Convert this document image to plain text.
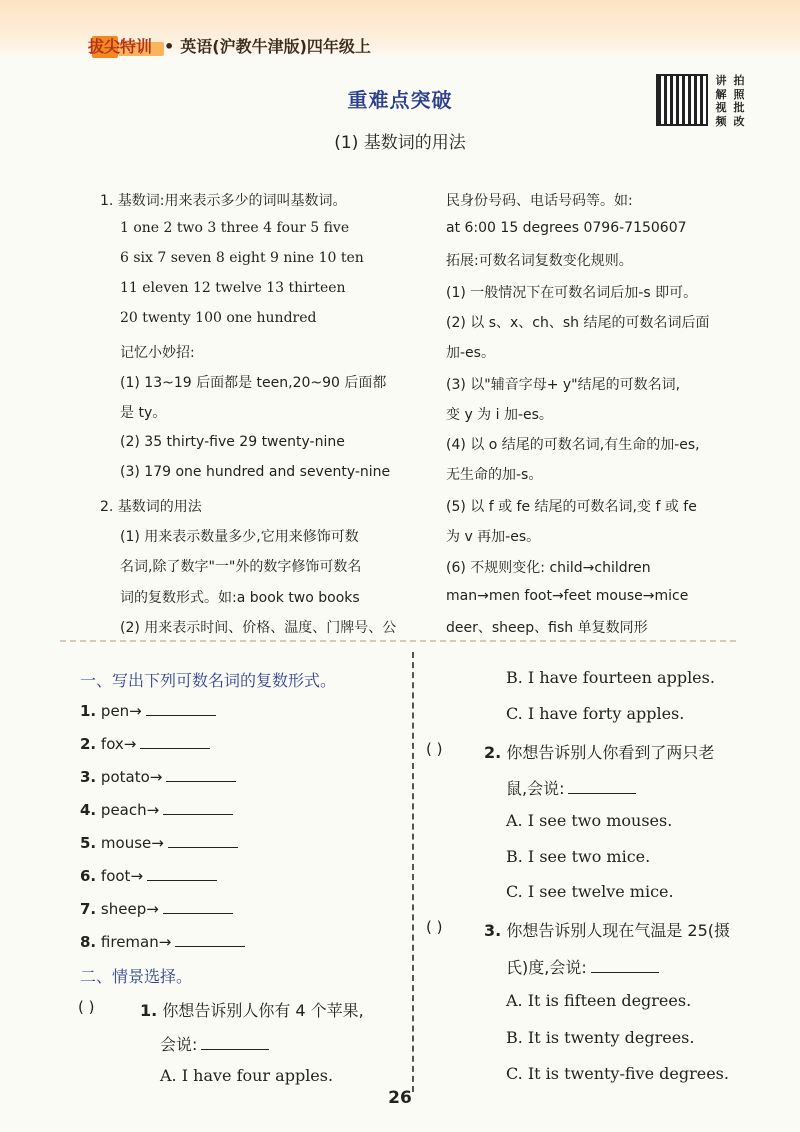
拔尖特训 • 英语(沪教牛津版)四年级上
重难点突破
(1) 基数词的用法
讲 拍
解 照
视 批
频 改
1. 基数词:用来表示多少的词叫基数词。
1 one 2 two 3 three 4 four 5 five
6 six 7 seven 8 eight 9 nine 10 ten
11 eleven 12 twelve 13 thirteen
20 twenty 100 one hundred
记忆小妙招:
(1) 13~19 后面都是 teen,20~90 后面都
是 ty。
(2) 35 thirty-five 29 twenty-nine
(3) 179 one hundred and seventy-nine
2. 基数词的用法
(1) 用来表示数量多少,它用来修饰可数
名词,除了数字"一"外的数字修饰可数名
词的复数形式。如:a book two books
(2) 用来表示时间、价格、温度、门牌号、公
民身份号码、电话号码等。如:
at 6:00 15 degrees 0796-7150607
拓展:可数名词复数变化规则。
(1) 一般情况下在可数名词后加-s 即可。
(2) 以 s、x、ch、sh 结尾的可数名词后面
加-es。
(3) 以"辅音字母+ y"结尾的可数名词,
变 y 为 i 加-es。
(4) 以 o 结尾的可数名词,有生命的加-es,
无生命的加-s。
(5) 以 f 或 fe 结尾的可数名词,变 f 或 fe
为 v 再加-es。
(6) 不规则变化: child→children
man→men foot→feet mouse→mice
deer、sheep、fish 单复数同形
一、写出下列可数名词的复数形式。
1. pen→
2. fox→
3. potato→
4. peach→
5. mouse→
6. foot→
7. sheep→
8. fireman→
二、情景选择。
( )	1. 你想告诉别人你有 4 个苹果,
会说:
A. I have four apples.
B. I have fourteen apples.
C. I have forty apples.
( )	2. 你想告诉别人你看到了两只老
鼠,会说:
A. I see two mouses.
B. I see two mice.
C. I see twelve mice.
( )	3. 你想告诉别人现在气温是 25(摄
氏)度,会说:
A. It is fifteen degrees.
B. It is twenty degrees.
C. It is twenty-five degrees.
26
